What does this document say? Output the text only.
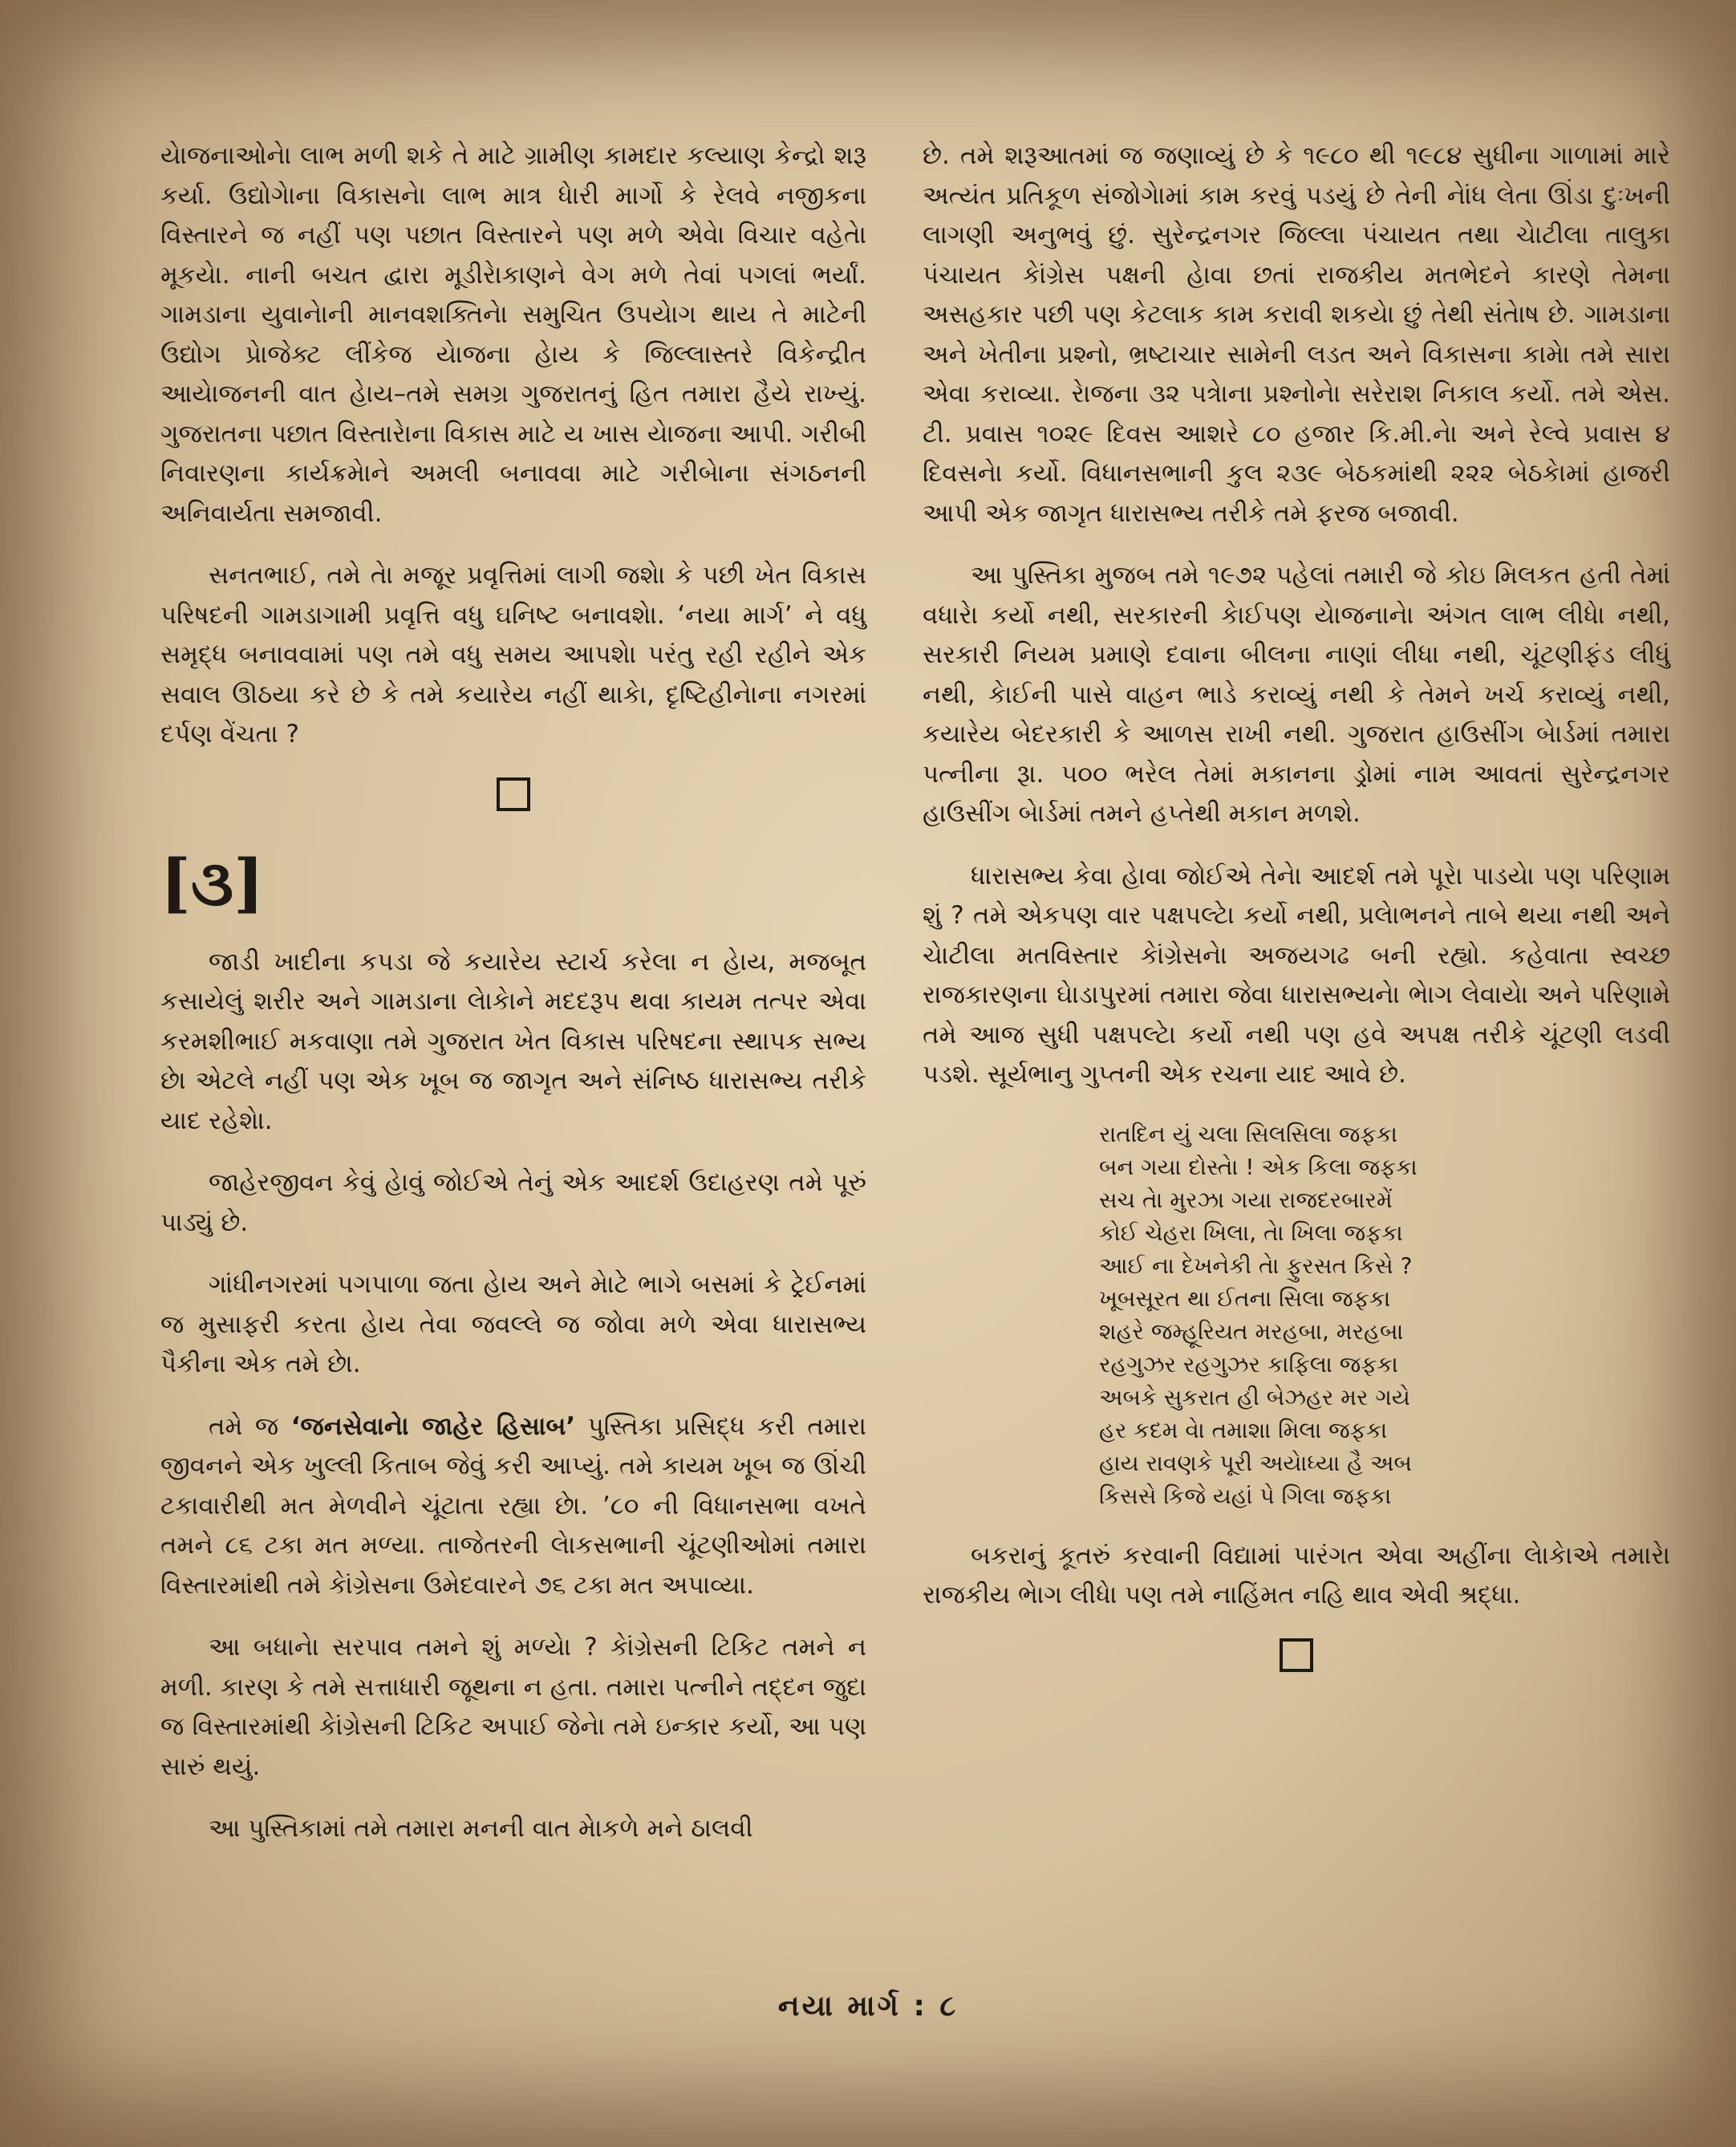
યેાજનાઓનેા લાભ મળી શકે તે માટે ગ્રામીણ કામદાર કલ્યાણ કેન્દ્રો શરૂ કર્યા. ઉદ્યોગેાના વિકાસનેા લાભ માત્ર ધેારી માર્ગો કે રેલવે નજીકના વિસ્તારને જ નહીં પણ પછાત વિસ્તારને પણ મળે એવેા વિચાર વહેતેા મૂકયેા. નાની બચત દ્વારા મૂડીરેાકાણને વેગ મળે તેવાં પગલાં ભર્યાં. ગામડાના યુવાનેાની માનવશક્તિનેા સમુચિત ઉપયેાગ થાય તે માટેની ઉદ્યોગ પ્રેાજેક્ટ લીંકેજ યેાજના હેાય કે જિલ્લાસ્તરે વિકેન્દ્રીત આયેાજનની વાત હેાય–તમે સમગ્ર ગુજરાતનું હિત તમારા હૈયે રાખ્યું. ગુજરાતના પછાત વિસ્તારેાના વિકાસ માટે ય ખાસ યેાજના આપી. ગરીબી નિવારણના કાર્યક્રમેાને અમલી બનાવવા માટે ગરીબેાના સંગઠનની અનિવાર્યતા સમજાવી.

સનતભાઈ, તમે તેા મજૂર પ્રવૃત્તિમાં લાગી જશેા કે પછી ખેત વિકાસ પરિષદની ગામડાગામી પ્રવૃત્તિ વધુ ઘનિષ્ટ બનાવશેા. ‘નયા માર્ગ’ ને વધુ સમૃદ્ધ બનાવવામાં પણ તમે વધુ સમય આપશેા પરંતુ રહી રહીને એક સવાલ ઊઠયા કરે છે કે તમે કયારેય નહીં થાકેા, દૃષ્ટિહીનેાના નગરમાં દર્પણ વેંચતા ?

[૩]

જાડી ખાદીના કપડા જે કયારેય સ્ટાર્ચ કરેલા ન હેાય, મજબૂત કસાયેલું શરીર અને ગામડાના લેાકેાને મદદરૂપ થવા કાયમ તત્પર એવા કરમશીભાઈ મકવાણા તમે ગુજરાત ખેત વિકાસ પરિષદના સ્થાપક સભ્ય છેા એટલે નહીં પણ એક ખૂબ જ જાગૃત અને સંનિષ્ઠ ધારાસભ્ય તરીકે યાદ રહેશેા.

જાહેરજીવન કેવું હેાવું જોઈએ તેનું એક આદર્શ ઉદાહરણ તમે પૂરું પાડ્યું છે.

ગાંધીનગરમાં પગપાળા જતા હેાય અને મેાટે ભાગે બસમાં કે ટ્રેઈનમાં જ મુસાફરી કરતા હેાય તેવા જવલ્લે જ જોવા મળે એવા ધારાસભ્ય પૈકીના એક તમે છેા.

તમે જ ‘જનસેવાનેા જાહેર હિસાબ’ પુસ્તિકા પ્રસિદ્ધ કરી તમારા જીવનને એક ખુલ્લી કિતાબ જેવું કરી આપ્યું. તમે કાયમ ખૂબ જ ઊંચી ટકાવારીથી મત મેળવીને ચૂંટાતા રહ્યા છેા. ’૮૦ ની વિધાનસભા વખતે તમને ૮૬ ટકા મત મળ્યા. તાજેતરની લેાકસભાની ચૂંટણીઓમાં તમારા વિસ્તારમાંથી તમે કેાંગ્રેસના ઉમેદવારને ૭૬ ટકા મત અપાવ્યા.

આ બધાનેા સરપાવ તમને શું મળ્યેા ? કેાંગ્રેસની ટિકિટ તમને ન મળી. કારણ કે તમે સત્તાધારી જૂથના ન હતા. તમારા પત્નીને તદ્દન જુદા જ વિસ્તારમાંથી કેાંગ્રેસની ટિકિટ અપાઈ જેનેા તમે ઇન્કાર કર્યો, આ પણ સારું થયું.

આ પુસ્તિકામાં તમે તમારા મનની વાત મેાકળે મને ઠાલવી

છે. તમે શરૂઆતમાં જ જણાવ્યું છે કે ૧૯૮૦ થી ૧૯૮૪ સુધીના ગાળામાં મારે અત્યંત પ્રતિકૂળ સંજોગેામાં કામ કરવું પડયું છે તેની નેાંધ લેતા ઊંડા દુઃખની લાગણી અનુભવું છું. સુરેન્દ્રનગર જિલ્લા પંચાયત તથા ચેાટીલા તાલુકા પંચાયત કેાંગ્રેસ પક્ષની હેાવા છતાં રાજકીય મતભેદને કારણે તેમના અસહકાર પછી પણ કેટલાક કામ કરાવી શકયેા છું તેથી સંતેાષ છે. ગામડાના અને ખેતીના પ્રશ્નો, ભ્રષ્ટાચાર સામેની લડત અને વિકાસના કામેા તમે સારા એવા કરાવ્યા. રેાજના ૩૨ પત્રેાના પ્રશ્નોનેા સરેરાશ નિકાલ કર્યો. તમે એસ. ટી. પ્રવાસ ૧૦૨૯ દિવસ આશરે ૮૦ હજાર કિ.મી.નેા અને રેલ્વે પ્રવાસ ૪ દિવસનેા કર્યો. વિધાનસભાની કુલ ૨૩૯ બેઠકમાંથી ૨૨૨ બેઠકેામાં હાજરી આપી એક જાગૃત ધારાસભ્ય તરીકે તમે ફરજ બજાવી.

આ પુસ્તિકા મુજબ તમે ૧૯૭૨ પહેલાં તમારી જે કોઇ મિલકત હતી તેમાં વધારેા કર્યો નથી, સરકારની કેાઈપણ યેાજનાનેા અંગત લાભ લીધેા નથી, સરકારી નિયમ પ્રમાણે દવાના બીલના નાણાં લીધા નથી, ચૂંટણીફંડ લીધું નથી, કેાઈની પાસે વાહન ભાડે કરાવ્યું નથી કે તેમને ખર્ચ કરાવ્યું નથી, કયારેય બેદરકારી કે આળસ રાખી નથી. ગુજરાત હાઉસીંગ બેાર્ડમાં તમારા પત્નીના રૂા. ૫૦૦ ભરેલ તેમાં મકાનના ડ્રોમાં નામ આવતાં સુરેન્દ્રનગર હાઉસીંગ બેાર્ડમાં તમને હપ્તેથી મકાન મળશે.

ધારાસભ્ય કેવા હેાવા જોઈએ તેનેા આદર્શ તમે પૂરેા પાડયેા પણ પરિણામ શું ? તમે એકપણ વાર પક્ષપલ્ટેા કર્યો નથી, પ્રલેાભનને તાબે થયા નથી અને ચેાટીલા મતવિસ્તાર કેાંગ્રેસનેા અજયગઢ બની રહ્યો. કહેવાતા સ્વચ્છ રાજકારણના ઘેાડાપુરમાં તમારા જેવા ધારાસભ્યનેા ભેાગ લેવાયેા અને પરિણામે તમે આજ સુધી પક્ષપલ્ટેા કર્યો નથી પણ હવે અપક્ષ તરીકે ચૂંટણી લડવી પડશે. સૂર્યભાનુ ગુપ્તની એક રચના યાદ આવે છે.

રાતદિન યું ચલા સિલસિલા જફકા
બન ગયા દોસ્તેા ! એક કિલા જફકા
સચ તેા મુરઝા ગયા રાજદરબારમેં
કોઈ ચેહરા ખિલા, તેા ખિલા જફકા
આઈ ના દેખનેકી તેા ફુરસત કિસે ?
ખૂબસૂરત થા ઈતના સિલા જફકા
શહરે જમ્હૂરિયત મરહબા, મરહબા
રહગુઝર રહગુઝર કાફિલા જફકા
અબકે સુકરાત હી બેઝહર મર ગયે
હર કદમ વેા તમાશા મિલા જફકા
હાય રાવણકે પૂરી અયેાધ્યા હૈ અબ
કિસસે કિજે યહાં પે ગિલા જફકા

બકરાનું કૂતરું કરવાની વિદ્યામાં પારંગત એવા અહીંના લેાકેાએ તમારેા રાજકીય ભેાગ લીધેા પણ તમે નાહિંમત નહિ થાવ એવી શ્રદ્ધા.

નયા માર્ગ : ૮
